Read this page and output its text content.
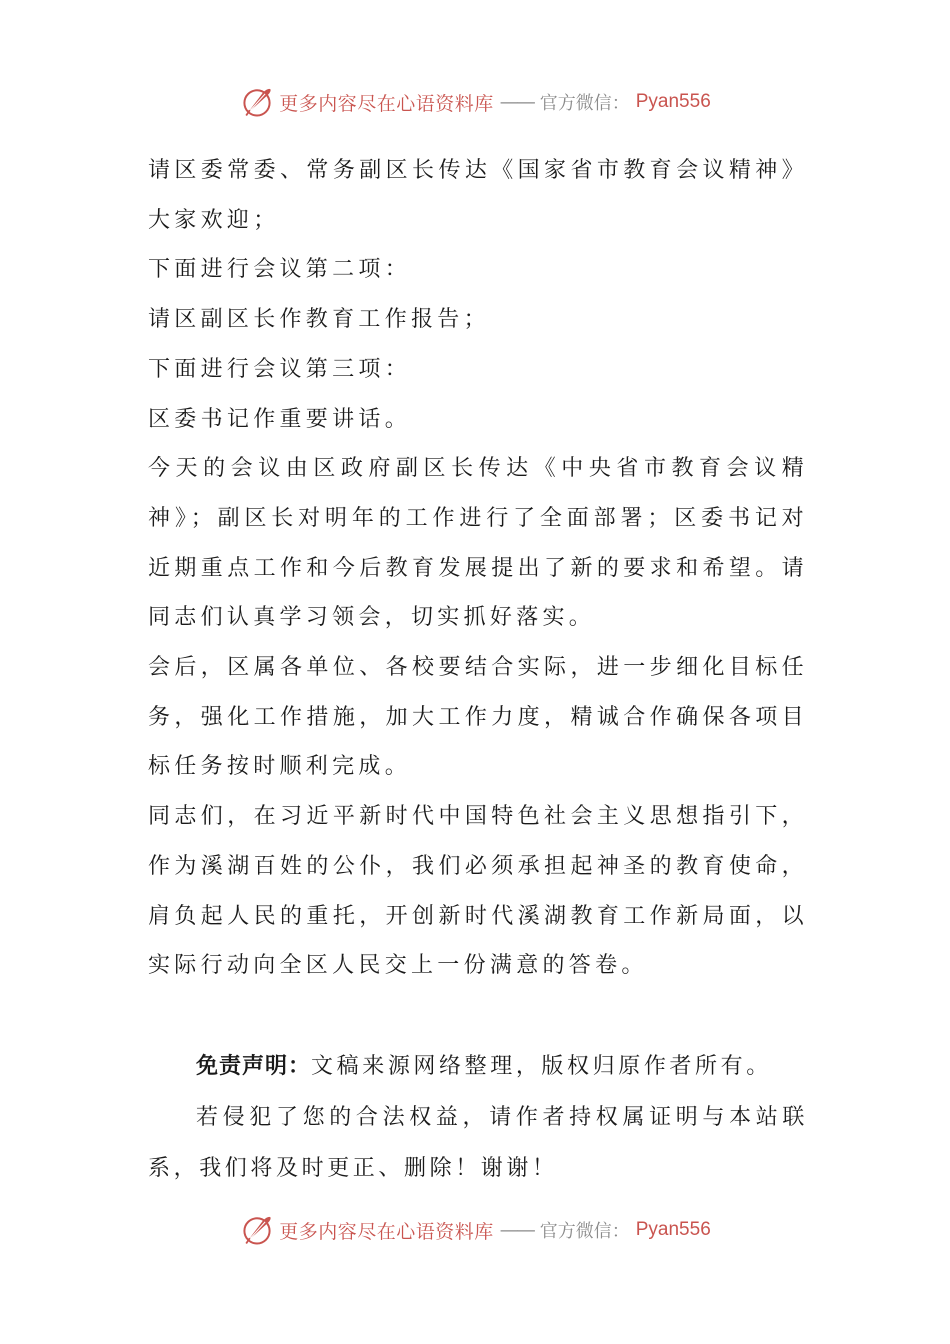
更多内容尽在心语资料库 —— 官方微信： Pyan556

请区委常委、常务副区长传达《国家省市教育会议精神》大家欢迎；

下面进行会议第二项：

请区副区长作教育工作报告；

下面进行会议第三项：

区委书记作重要讲话。

今天的会议由区政府副区长传达《中央省市教育会议精神》；副区长对明年的工作进行了全面部署；区委书记对近期重点工作和今后教育发展提出了新的要求和希望。请同志们认真学习领会，切实抓好落实。

会后，区属各单位、各校要结合实际，进一步细化目标任务，强化工作措施，加大工作力度，精诚合作确保各项目标任务按时顺利完成。

同志们，在习近平新时代中国特色社会主义思想指引下，作为溪湖百姓的公仆，我们必须承担起神圣的教育使命，肩负起人民的重托，开创新时代溪湖教育工作新局面，以实际行动向全区人民交上一份满意的答卷。

免责声明：文稿来源网络整理，版权归原作者所有。

若侵犯了您的合法权益，请作者持权属证明与本站联系，我们将及时更正、删除！谢谢！

更多内容尽在心语资料库 —— 官方微信： Pyan556
